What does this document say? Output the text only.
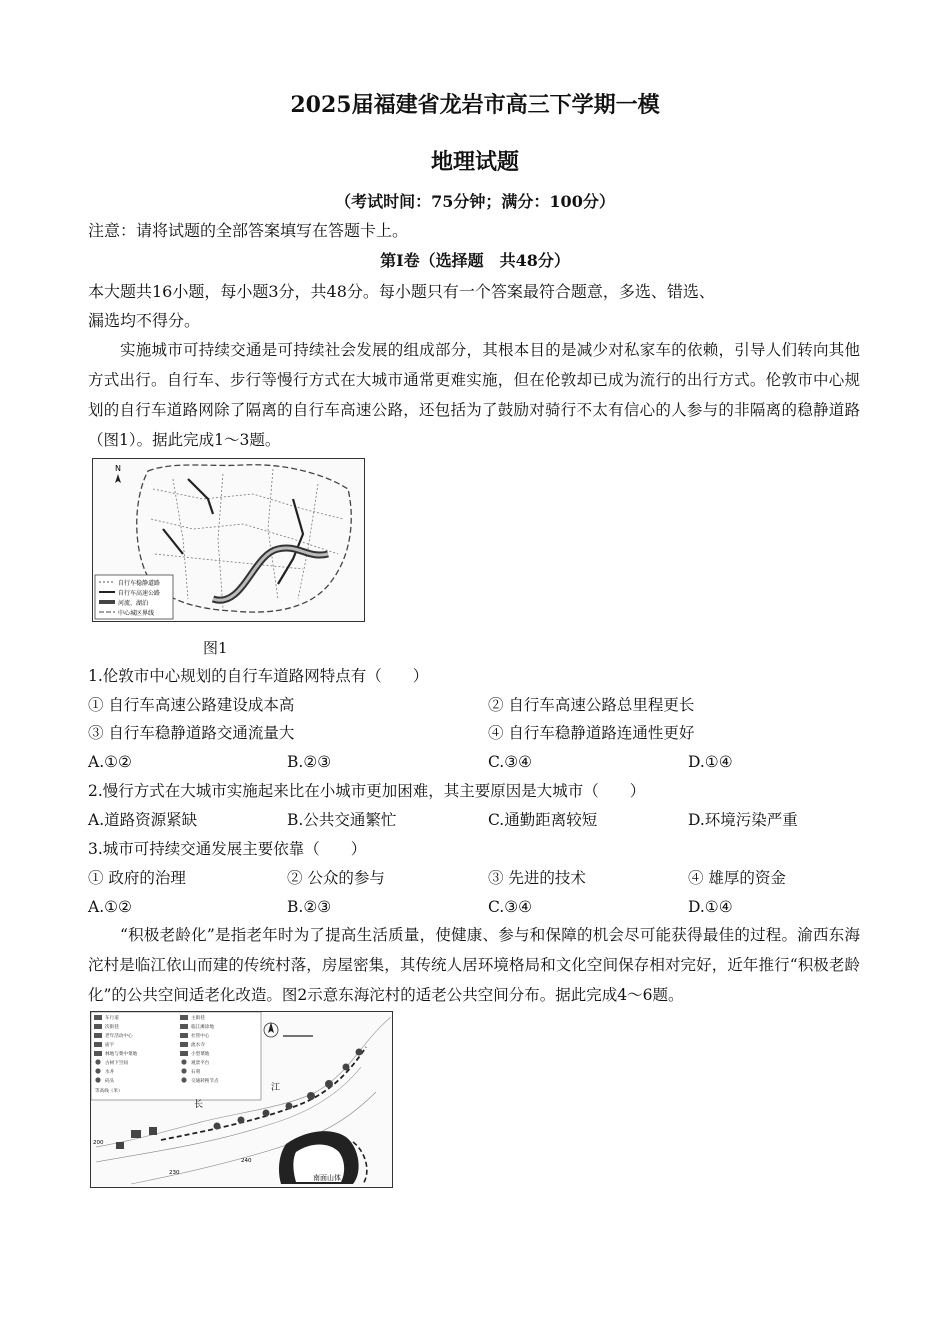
2025届福建省龙岩市高三下学期一模
地理试题
（考试时间：75分钟；满分：100分）
注意：请将试题的全部答案填写在答题卡上。
第Ⅰ卷（选择题　共48分）
本大题共16小题，每小题3分，共48分。每小题只有一个答案最符合题意，多选、错选、
漏选均不得分。
实施城市可持续交通是可持续社会发展的组成部分，其根本目的是减少对私家车的依赖，引导人们转向其他方式出行。自行车、步行等慢行方式在大城市通常更难实施，但在伦敦却已成为流行的出行方式。伦敦市中心规划的自行车道路网除了隔离的自行车高速公路，还包括为了鼓励对骑行不太有信心的人参与的非隔离的稳静道路（图1）。据此完成1～3题。
N
自行车稳静道路
自行车高速公路
河流、湖泊
中心城区界线
图1
1.伦敦市中心规划的自行车道路网特点有（　　）
① 自行车高速公路建设成本高	② 自行车高速公路总里程更长
③ 自行车稳静道路交通流量大	④ 自行车稳静道路连通性更好
A.①②	B.②③	C.③④	D.①④
2.慢行方式在大城市实施起来比在小城市更加困难，其主要原因是大城市（　　）
A.道路资源紧缺	B.公共交通繁忙	C.通勤距离较短	D.环境污染严重
3.城市可持续交通发展主要依靠（　　）
① 政府的治理	② 公众的参与	③ 先进的技术	④ 雄厚的资金
A.①②	B.②③	C.③④	D.①④
“积极老龄化”是指老年时为了提高生活质量，使健康、参与和保障的机会尽可能获得最佳的过程。渝西东海沱村是临江依山而建的传统村落，房屋密集，其传统人居环境格局和文化空间保存相对完好，近年推行“积极老龄化”的公共空间适老化改造。图2示意东海沱村的适老公共空间分布。据此完成4～6题。
车行道	主街巷
次街巷	临江滩涂地
老年活动中心	社管中心
庙宇	流水寺
林地与菜中菜地	小型菜地
古树下空间	观景平台
水井	石刻
码头	交通转换节点
等高线（米）
南面山体
江
长
200
230
240
